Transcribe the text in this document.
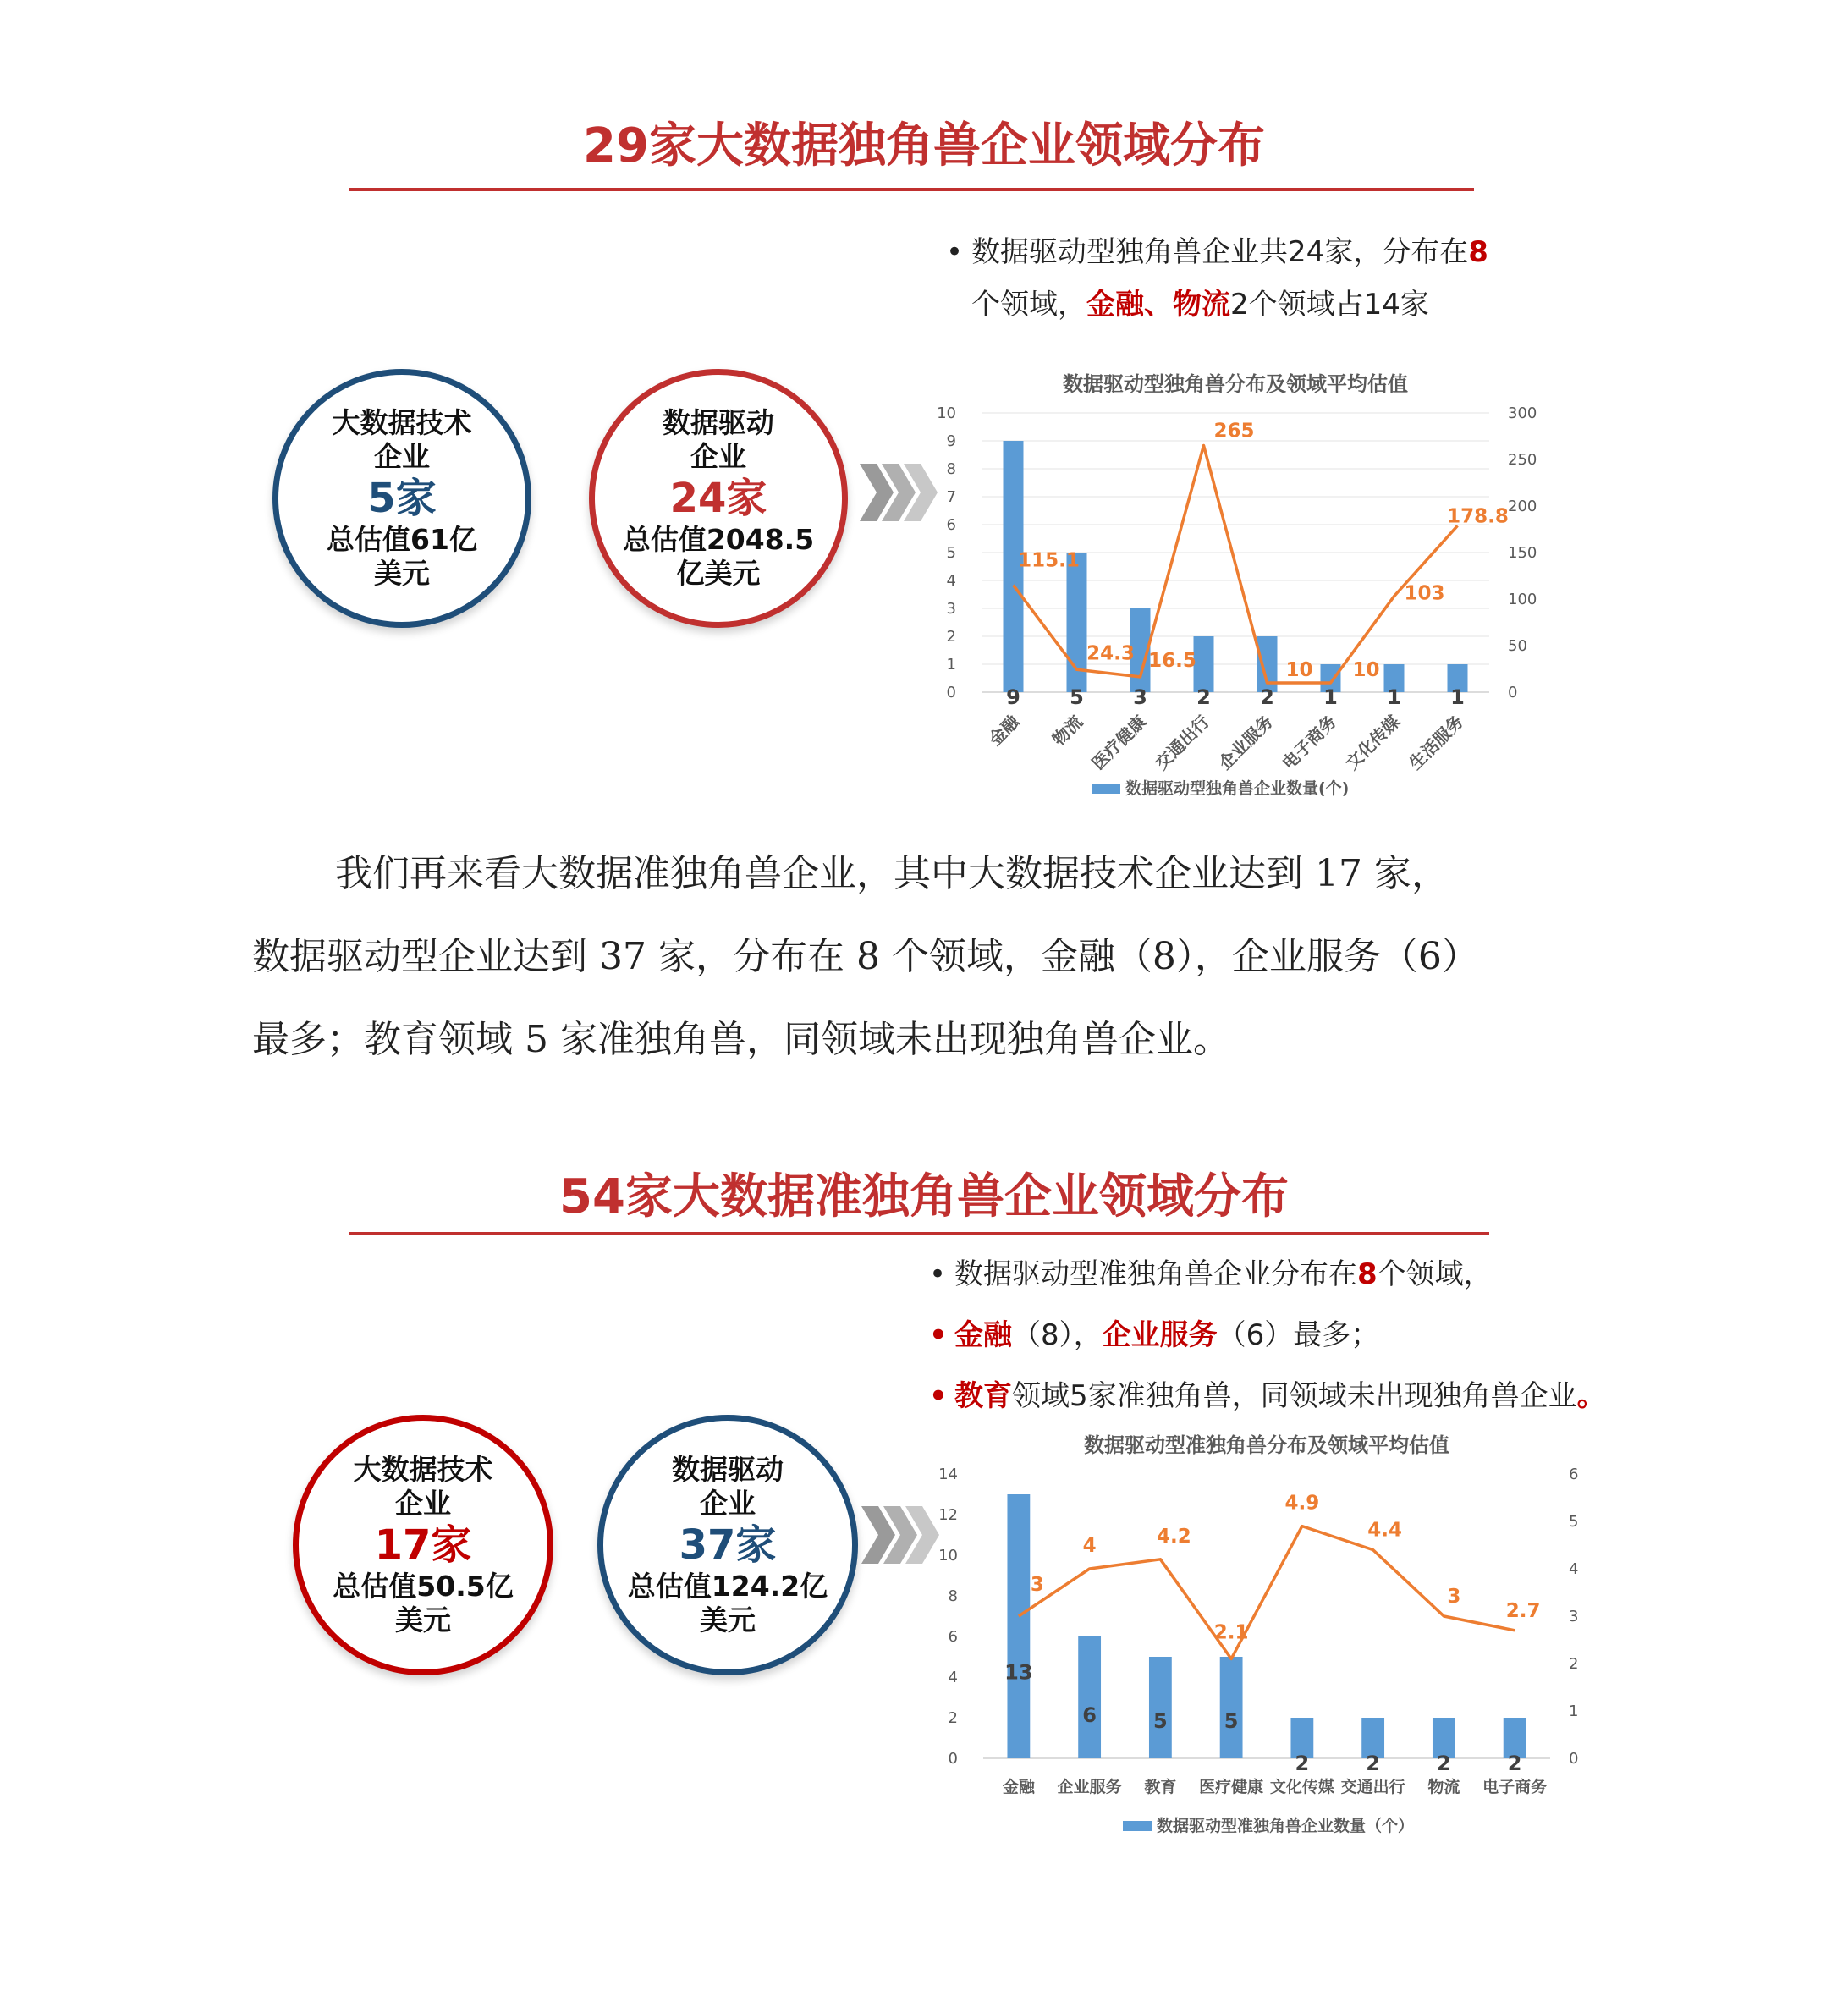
29家大数据独角兽企业领域分布
• 数据驱动型独角兽企业共24家，分布在8
个领域，金融、物流2个领域占14家
大数据技术
企业
5家
总估值61亿
美元
数据驱动
企业
24家
总估值2048.5
亿美元
数据驱动型独角兽分布及领域平均估值
0
1
2
3
4
5
6
7
8
9
10
0
50
100
150
200
250
300
9 5 3 2 2 1 1 1
115.1
24.3 16.5
265
10 10
103
178.8
金融 物流 医疗健康 交通出行 企业服务 电子商务 文化传媒 生活服务
数据驱动型独角兽企业数量(个)
我们再来看大数据准独角兽企业，其中大数据技术企业达到 17 家，
数据驱动型企业达到 37 家，分布在 8 个领域，金融（8），企业服务（6）
最多；教育领域 5 家准独角兽，同领域未出现独角兽企业。
54家大数据准独角兽企业领域分布
• 数据驱动型准独角兽企业分布在8个领域，
• 金融（8），企业服务（6）最多；
• 教育领域5家准独角兽，同领域未出现独角兽企业。
大数据技术
企业
17家
总估值50.5亿
美元
数据驱动
企业
37家
总估值124.2亿
美元
数据驱动型准独角兽分布及领域平均估值
0
2
4
6
8
10
12
14
0
1
2
3
4
5
6
13
6	5	5
2	2	2	2
3
4	4.2
2.1
4.9
4.4
3
2.7
金融 企业服务 教育 医疗健康 文化传媒 交通出行 物流 电子商务
数据驱动型准独角兽企业数量（个）
